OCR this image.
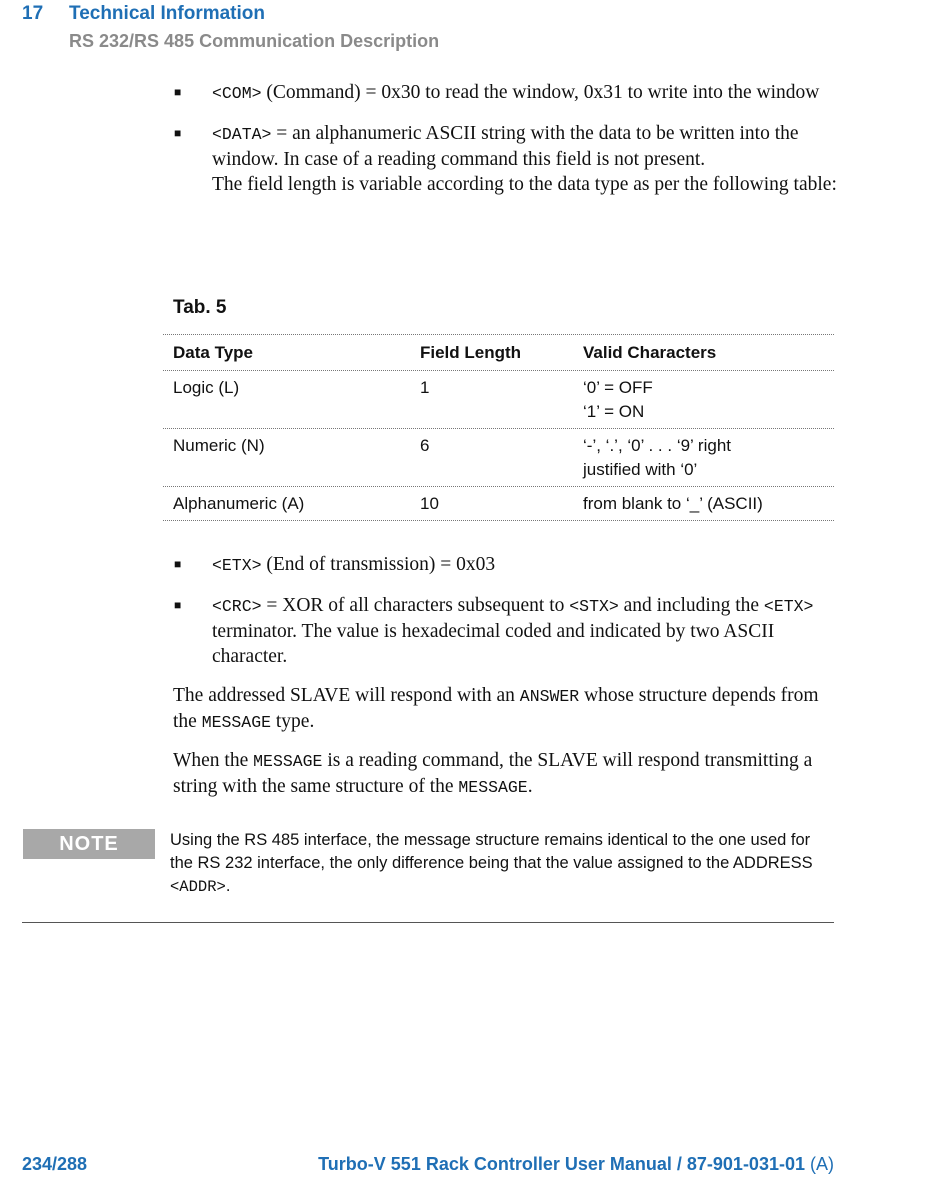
17 Technical Information
RS 232/RS 485 Communication Description
■	<COM> (Command) = 0x30 to read the window, 0x31 to write into the window
■	<DATA> = an alphanumeric ASCII string with the data to be written into the window. In case of a reading command this field is not present.
The field length is variable according to the data type as per the following table:
Tab. 5
Data Type	Field Length	Valid Characters
Logic (L)	1	‘0’ = OFF
‘1’ = ON
Numeric (N)	6	‘-’, ‘.’, ‘0’ . . . ‘9’ right
justified with ‘0’
Alphanumeric (A)	10	from blank to ‘_’ (ASCII)
■	<ETX> (End of transmission) = 0x03
■	<CRC> = XOR of all characters subsequent to <STX> and including the <ETX> terminator. The value is hexadecimal coded and indicated by two ASCII character.
The addressed SLAVE will respond with an ANSWER whose structure depends from the MESSAGE type.
When the MESSAGE is a reading command, the SLAVE will respond transmitting a string with the same structure of the MESSAGE.
NOTE	Using the RS 485 interface, the message structure remains identical to the one used for the RS 232 interface, the only difference being that the value assigned to the ADDRESS
<ADDR>.
234/288	Turbo-V 551 Rack Controller User Manual / 87-901-031-01 (A)
